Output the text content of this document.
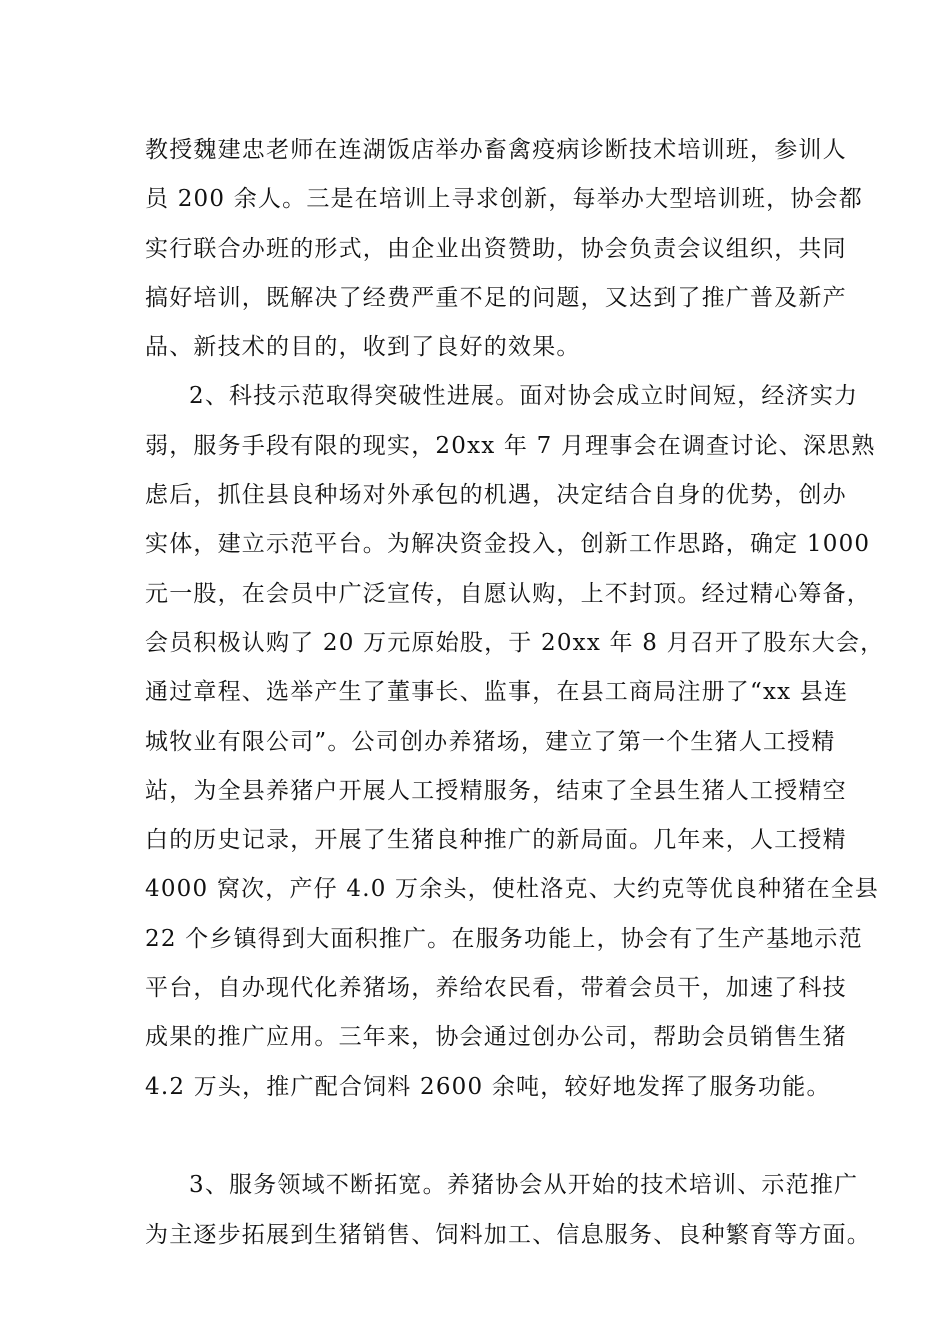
教授魏建忠老师在连湖饭店举办畜禽疫病诊断技术培训班，参训人
员 200 余人。三是在培训上寻求创新，每举办大型培训班，协会都
实行联合办班的形式，由企业出资赞助，协会负责会议组织，共同
搞好培训，既解决了经费严重不足的问题，又达到了推广普及新产
品、新技术的目的，收到了良好的效果。
2、科技示范取得突破性进展。面对协会成立时间短，经济实力
弱，服务手段有限的现实，20xx 年 7 月理事会在调查讨论、深思熟
虑后，抓住县良种场对外承包的机遇，决定结合自身的优势，创办
实体，建立示范平台。为解决资金投入，创新工作思路，确定 1000
元一股，在会员中广泛宣传，自愿认购，上不封顶。经过精心筹备，
会员积极认购了 20 万元原始股，于 20xx 年 8 月召开了股东大会，
通过章程、选举产生了董事长、监事，在县工商局注册了“xx 县连
城牧业有限公司”。公司创办养猪场，建立了第一个生猪人工授精
站，为全县养猪户开展人工授精服务，结束了全县生猪人工授精空
白的历史记录，开展了生猪良种推广的新局面。几年来，人工授精
4000 窝次，产仔 4.0 万余头，使杜洛克、大约克等优良种猪在全县
22 个乡镇得到大面积推广。在服务功能上，协会有了生产基地示范
平台，自办现代化养猪场，养给农民看，带着会员干，加速了科技
成果的推广应用。三年来，协会通过创办公司，帮助会员销售生猪
4.2 万头，推广配合饲料 2600 余吨，较好地发挥了服务功能。
3、服务领域不断拓宽。养猪协会从开始的技术培训、示范推广
为主逐步拓展到生猪销售、饲料加工、信息服务、良种繁育等方面。
